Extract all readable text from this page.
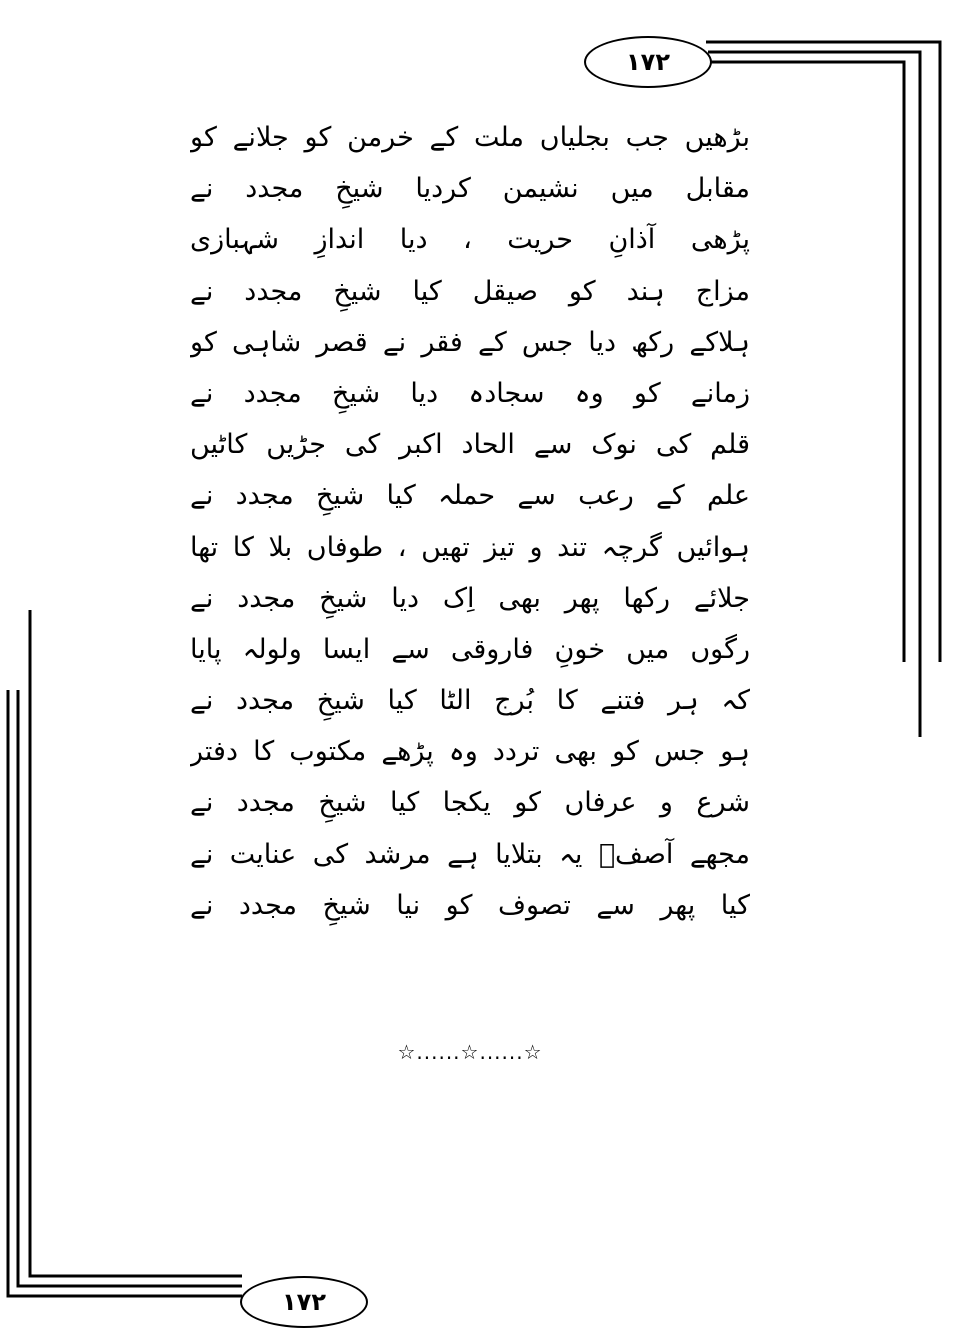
١٧٢
بڑھیں جب بجلیاں ملت کے خرمن کو جلانے کو
مقابل میں نشیمن کردیا شیخِ مجدد نے
پڑھی آذانِ حریت ، دیا اندازِ شہبازی
مزاج ہند کو صیقل کیا شیخِ مجدد نے
ہلاکے رکھ دیا جس کے فقر نے قصر شاہی کو
زمانے کو وہ سجادہ دیا شیخِ مجدد نے
قلم کی نوک سے الحاد اکبر کی جڑیں کاٹیں
علم کے رعب سے حملہ کیا شیخِ مجدد نے
ہوائیں گرچہ تند و تیز تھیں ، طوفاں بلا کا تھا
جلائے رکھا پھر بھی اِک دیا شیخِ مجدد نے
رگوں میں خونِ فاروقی سے ایسا ولولہ پایا
کہ ہر فتنے کا بُرج الٹا کیا شیخِ مجدد نے
ہو جس کو بھی تردد وہ پڑھے مکتوب کا دفتر
شرع و عرفاں کو یکجا کیا شیخِ مجدد نے
مجھے آصفؔ یہ بتلایا ہے مرشد کی عنایت نے
کیا پھر سے تصوف کو نیا شیخِ مجدد نے
☆......☆......☆
١٧٢
